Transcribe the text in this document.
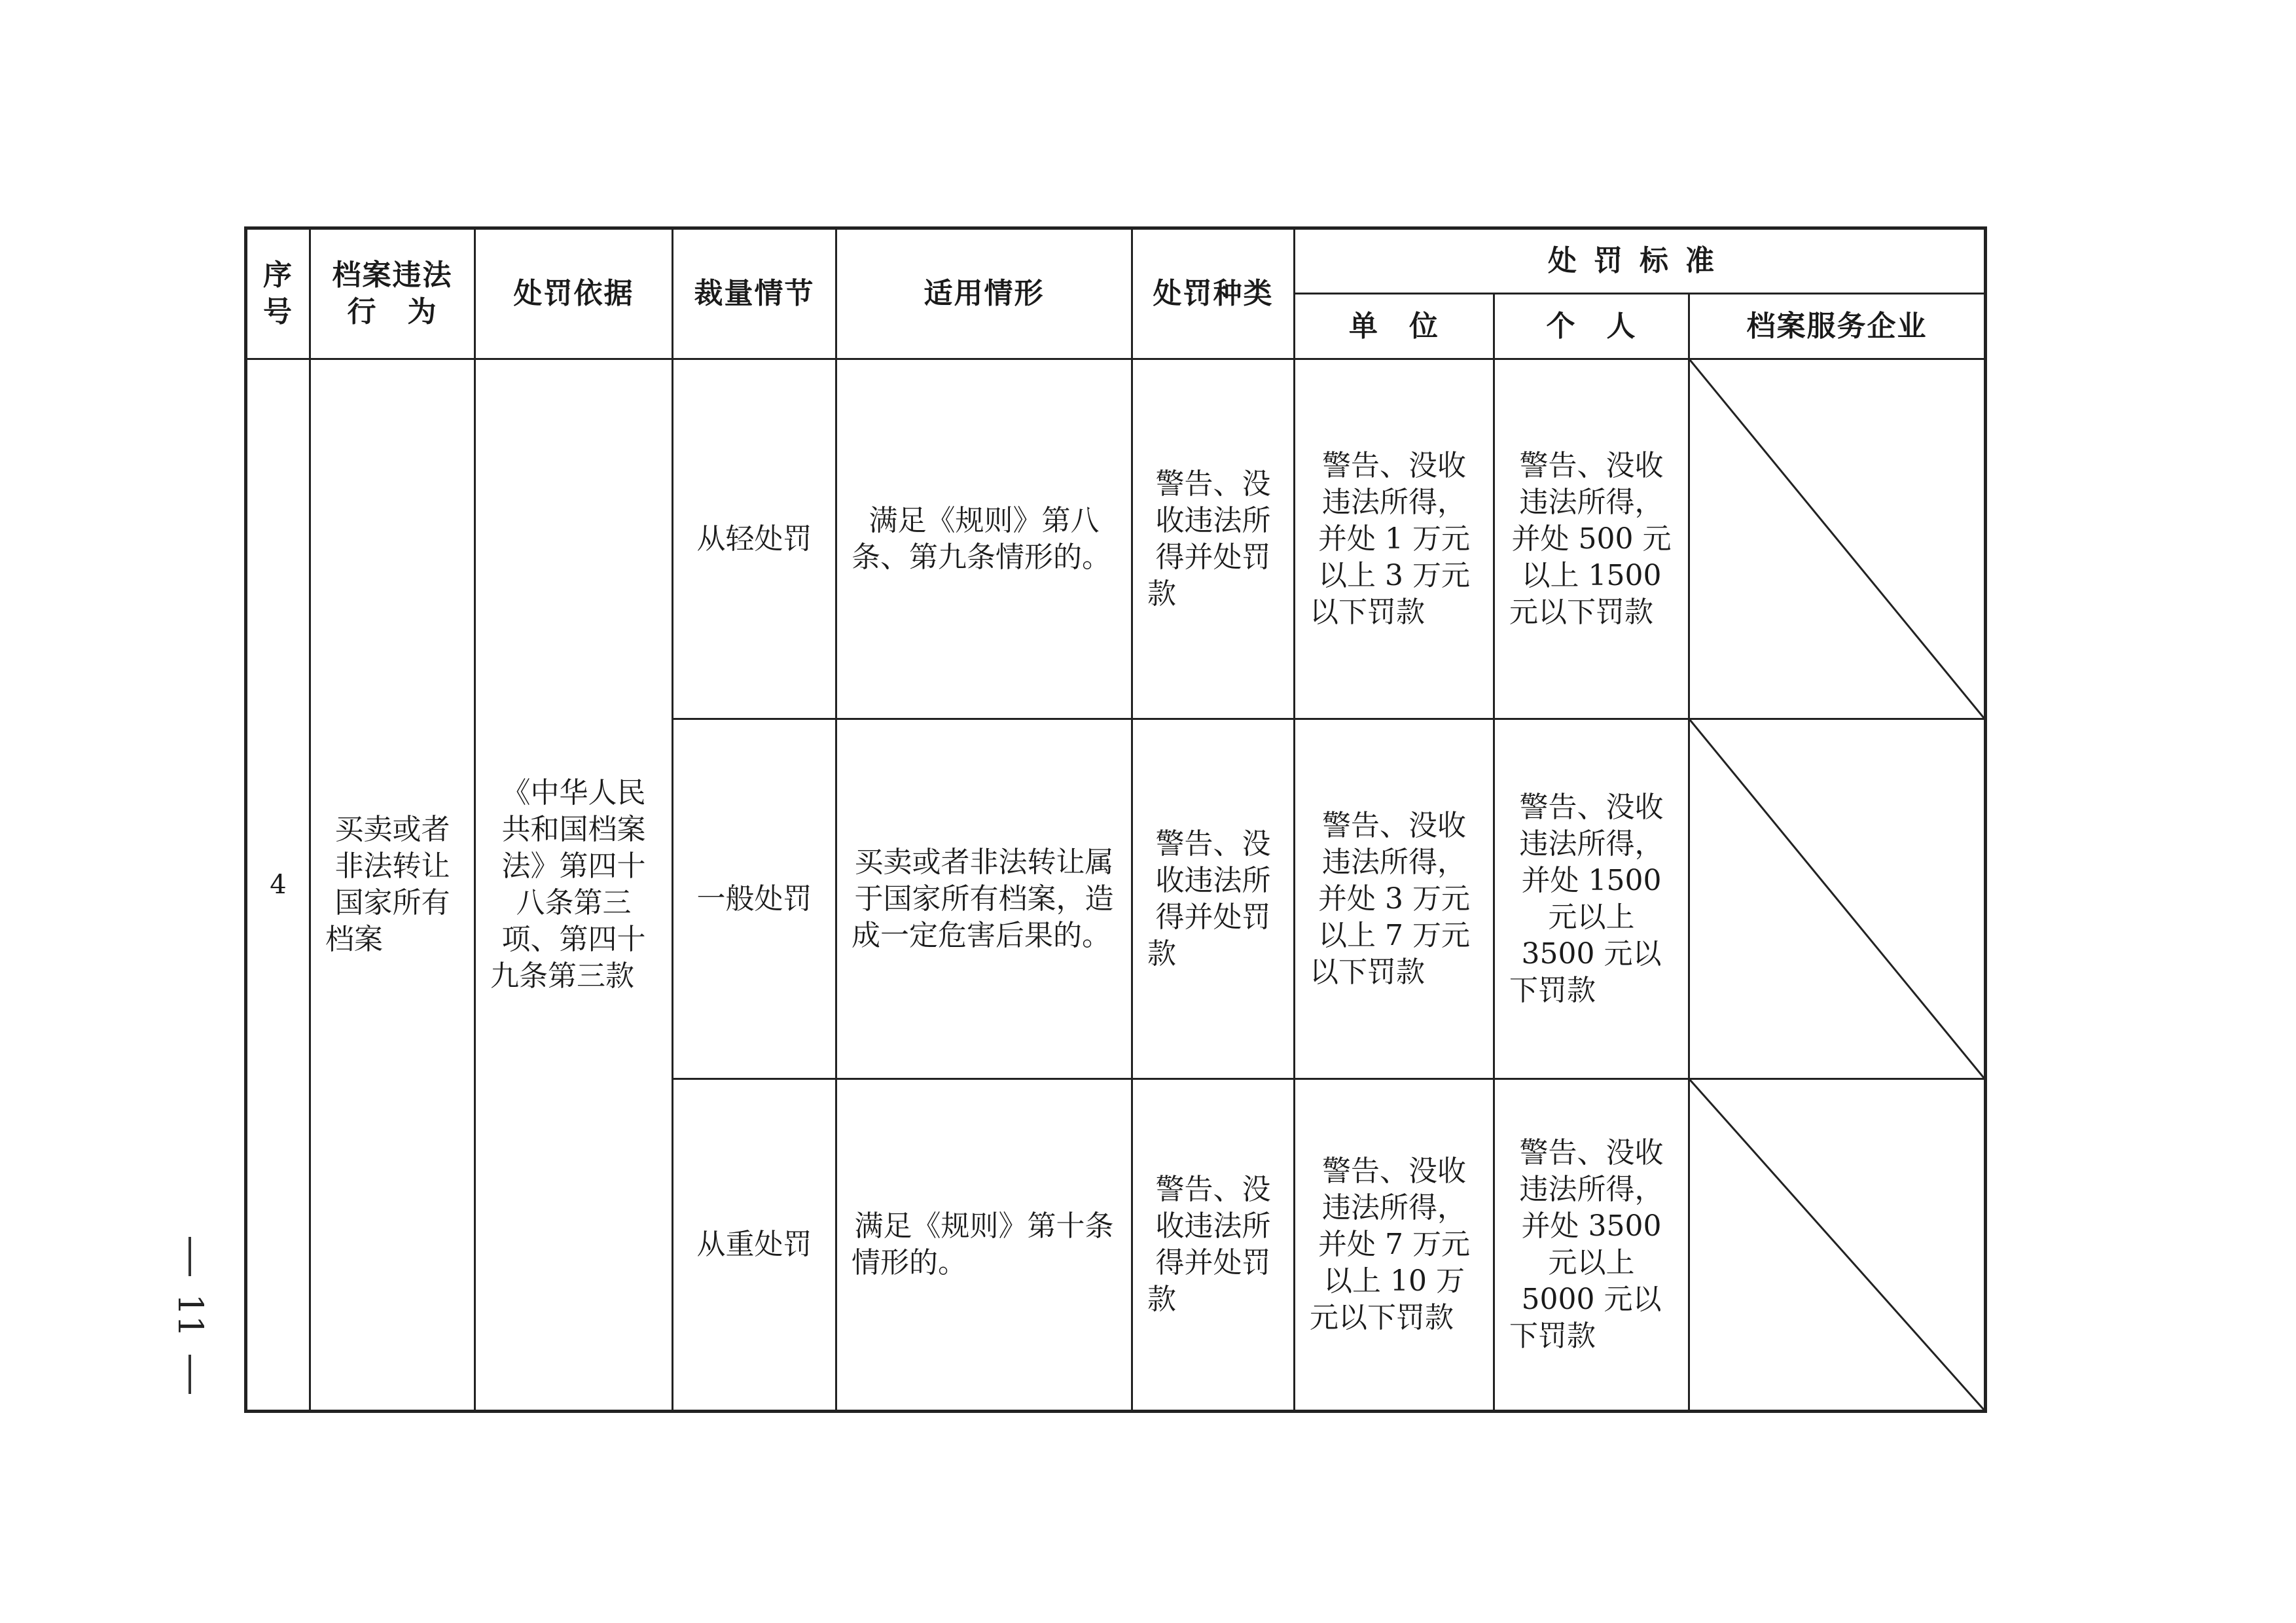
序号	档案违法行　为	处罚依据	裁量情节	适用情形	处罚种类	处罚标准		
						单　位	个　人	档案服务企业
4	买卖或者非法转让国家所有档案	《中华人民共和国档案法》第四十八条第三项、第四十九条第三款	从轻处罚	满足《规则》第八条、第九条情形的。	警告、没收违法所得并处罚款	警告、没收违法所得，并处 1 万元以上 3 万元以下罚款	警告、没收违法所得，并处 500 元以上 1500 元以下罚款	

			一般处罚	买卖或者非法转让属于国家所有档案，造成一定危害后果的。	警告、没收违法所得并处罚款	警告、没收违法所得，并处 3 万元以上 7 万元以下罚款	警告、没收违法所得，并处 1500 元以上 3500 元以下罚款	

			从重处罚	满足《规则》第十条情形的。	警告、没收违法所得并处罚款	警告、没收违法所得，并处 7 万元以上 10 万元以下罚款	警告、没收违法所得，并处 3500 元以上 5000 元以下罚款	
11
